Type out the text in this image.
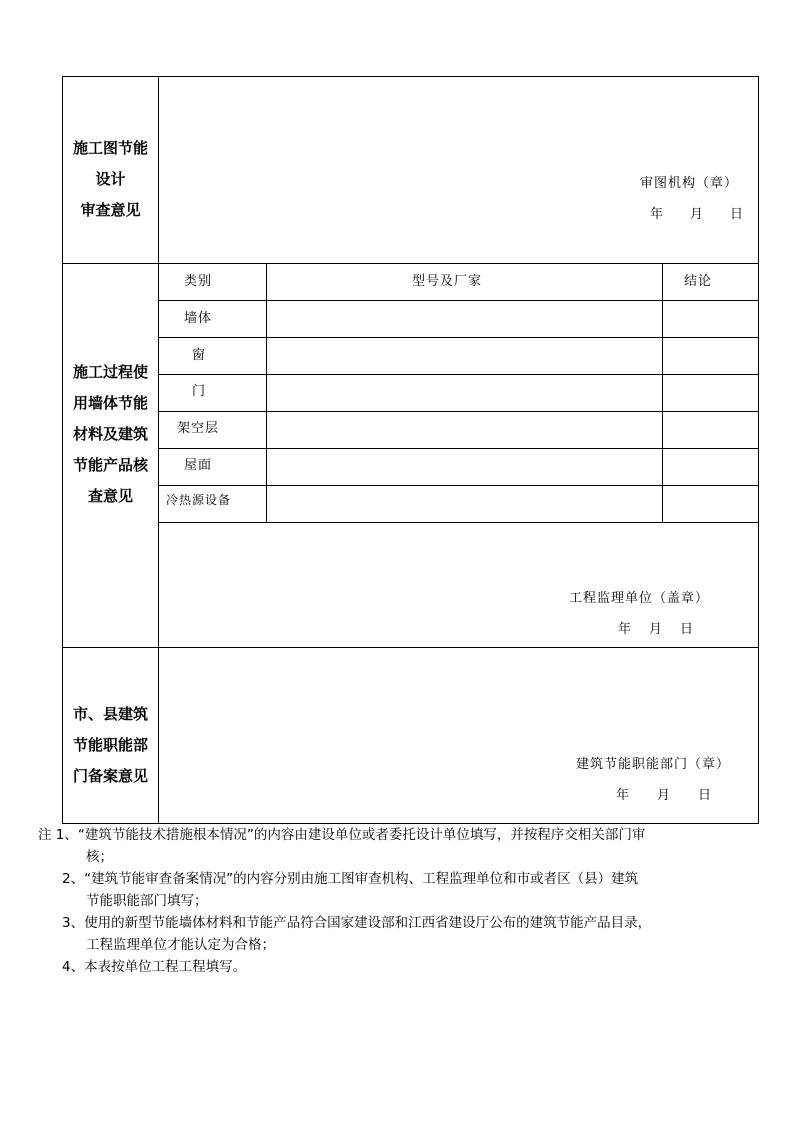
施工图节能
设计
审查意见
审图机构（章）
年 月 日
施工过程使
用墙体节能
材料及建筑
节能产品核
查意见
类别	型号及厂家	结论
墙体
窗
门
架空层
屋面
冷热源设备
工程监理单位（盖章）
年 月 日
市、县建筑
节能职能部
门备案意见
建筑节能职能部门（章）
年 月 日
注 1、“建筑节能技术措施根本情况”的内容由建设单位或者委托设计单位填写，并按程序交相关部门审
核；
2、“建筑节能审查备案情况”的内容分别由施工图审查机构、工程监理单位和市或者区（县）建筑
节能职能部门填写；
3、使用的新型节能墙体材料和节能产品符合国家建设部和江西省建设厅公布的建筑节能产品目录，
工程监理单位才能认定为合格；
4、本表按单位工程工程填写。
